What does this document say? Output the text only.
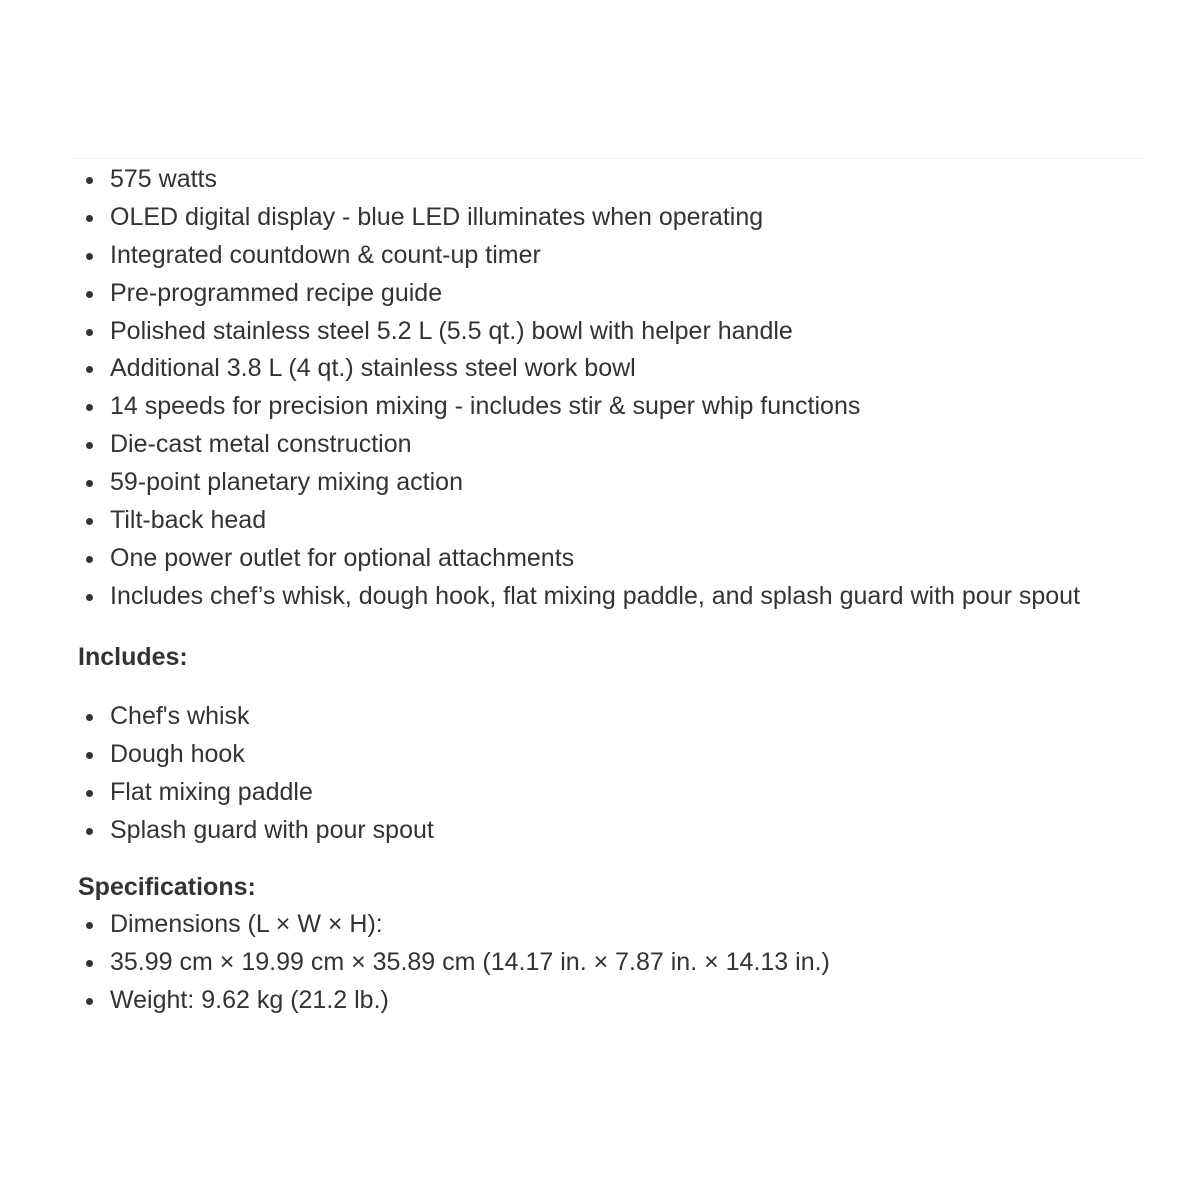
575 watts
OLED digital display - blue LED illuminates when operating
Integrated countdown & count-up timer
Pre-programmed recipe guide
Polished stainless steel 5.2 L (5.5 qt.) bowl with helper handle
Additional 3.8 L (4 qt.) stainless steel work bowl
14 speeds for precision mixing - includes stir & super whip functions
Die-cast metal construction
59-point planetary mixing action
Tilt-back head
One power outlet for optional attachments
Includes chef’s whisk, dough hook, flat mixing paddle, and splash guard with pour spout
Includes:
Chef's whisk
Dough hook
Flat mixing paddle
Splash guard with pour spout
Specifications:
Dimensions (L × W × H):
35.99 cm × 19.99 cm × 35.89 cm (14.17 in. × 7.87 in. × 14.13 in.)
Weight: 9.62 kg (21.2 lb.)
